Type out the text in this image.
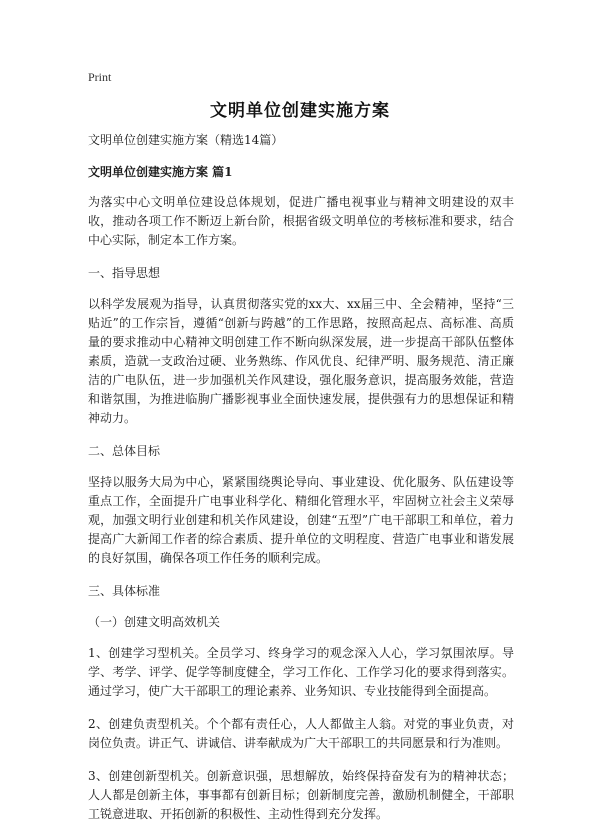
Print
文明单位创建实施方案

文明单位创建实施方案（精选14篇）

文明单位创建实施方案 篇1

为落实中心文明单位建设总体规划，促进广播电视事业与精神文明建设的双丰收，推动各项工作不断迈上新台阶，根据省级文明单位的考核标准和要求，结合中心实际，制定本工作方案。

一、指导思想

以科学发展观为指导，认真贯彻落实党的xx大、xx届三中、全会精神，坚持“三贴近”的工作宗旨，遵循“创新与跨越”的工作思路，按照高起点、高标准、高质量的要求推动中心精神文明创建工作不断向纵深发展，进一步提高干部队伍整体素质，造就一支政治过硬、业务熟练、作风优良、纪律严明、服务规范、清正廉洁的广电队伍，进一步加强机关作风建设，强化服务意识，提高服务效能，营造和谐氛围，为推进临朐广播影视事业全面快速发展，提供强有力的思想保证和精神动力。

二、总体目标

坚持以服务大局为中心，紧紧围绕舆论导向、事业建设、优化服务、队伍建设等重点工作，全面提升广电事业科学化、精细化管理水平，牢固树立社会主义荣辱观，加强文明行业创建和机关作风建设，创建“五型”广电干部职工和单位，着力提高广大新闻工作者的综合素质、提升单位的文明程度、营造广电事业和谐发展的良好氛围，确保各项工作任务的顺利完成。

三、具体标准

（一）创建文明高效机关

1、创建学习型机关。全员学习、终身学习的观念深入人心，学习氛围浓厚。导学、考学、评学、促学等制度健全，学习工作化、工作学习化的要求得到落实。通过学习，使广大干部职工的理论素养、业务知识、专业技能得到全面提高。

2、创建负责型机关。个个都有责任心，人人都做主人翁。对党的事业负责，对岗位负责。讲正气、讲诚信、讲奉献成为广大干部职工的共同愿景和行为准则。

3、创建创新型机关。创新意识强，思想解放，始终保持奋发有为的精神状态；人人都是创新主体，事事都有创新目标；创新制度完善，激励机制健全，干部职工锐意进取、开拓创新的积极性、主动性得到充分发挥。
